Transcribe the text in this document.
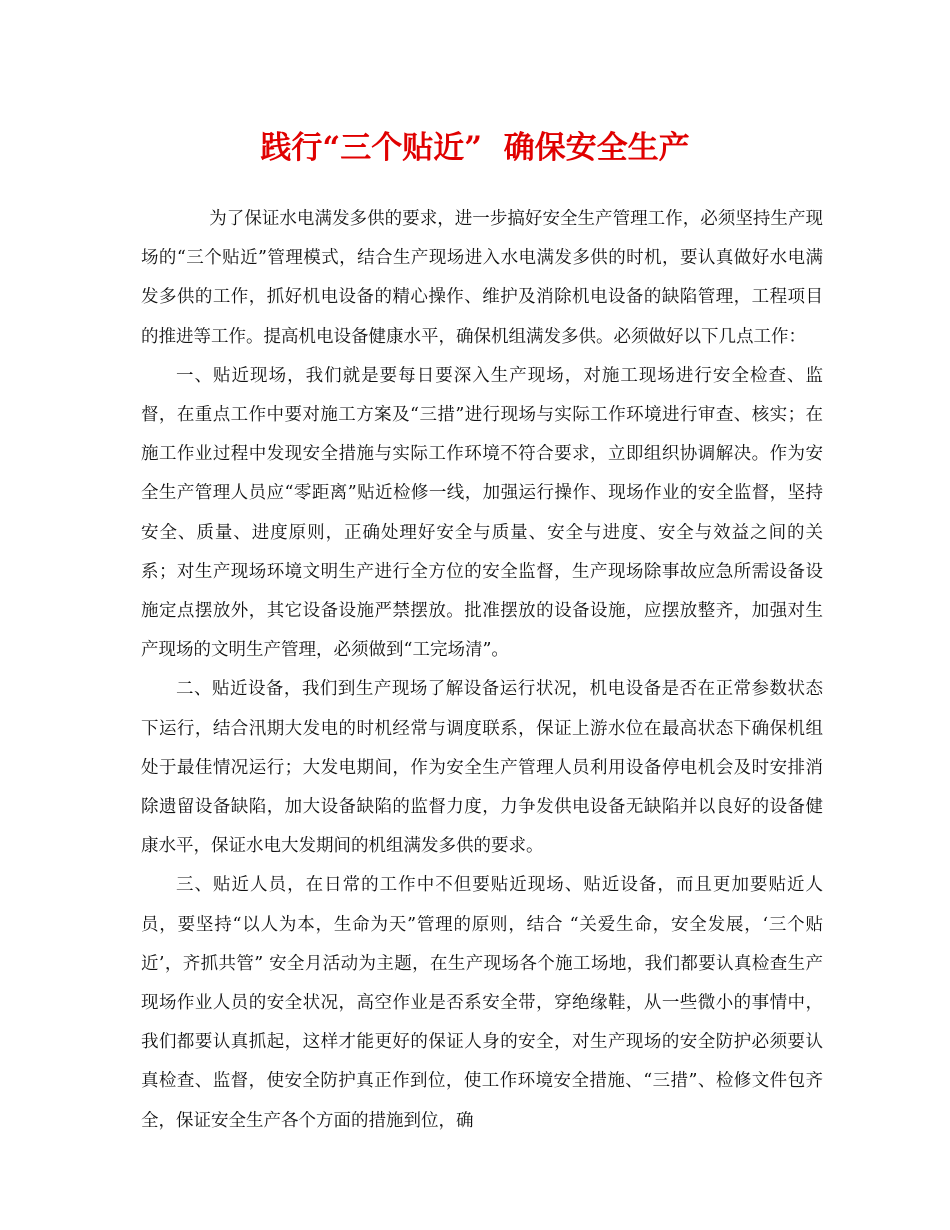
践行“三个贴近”  确保安全生产

为了保证水电满发多供的要求，进一步搞好安全生产管理工作，必须坚持生产现场的“三个贴近”管理模式，结合生产现场进入水电满发多供的时机，要认真做好水电满发多供的工作，抓好机电设备的精心操作、维护及消除机电设备的缺陷管理，工程项目的推进等工作。提高机电设备健康水平，确保机组满发多供。必须做好以下几点工作：

一、贴近现场，我们就是要每日要深入生产现场，对施工现场进行安全检查、监督，在重点工作中要对施工方案及“三措”进行现场与实际工作环境进行审查、核实；在施工作业过程中发现安全措施与实际工作环境不符合要求，立即组织协调解决。作为安全生产管理人员应“零距离”贴近检修一线，加强运行操作、现场作业的安全监督，坚持安全、质量、进度原则，正确处理好安全与质量、安全与进度、安全与效益之间的关系；对生产现场环境文明生产进行全方位的安全监督，生产现场除事故应急所需设备设施定点摆放外，其它设备设施严禁摆放。批准摆放的设备设施，应摆放整齐，加强对生产现场的文明生产管理，必须做到“工完场清”。

二、贴近设备，我们到生产现场了解设备运行状况，机电设备是否在正常参数状态下运行，结合汛期大发电的时机经常与调度联系，保证上游水位在最高状态下确保机组处于最佳情况运行；大发电期间，作为安全生产管理人员利用设备停电机会及时安排消除遗留设备缺陷，加大设备缺陷的监督力度，力争发供电设备无缺陷并以良好的设备健康水平，保证水电大发期间的机组满发多供的要求。

三、贴近人员，在日常的工作中不但要贴近现场、贴近设备，而且更加要贴近人员，要坚持“以人为本，生命为天”管理的原则，结合 “关爱生命，安全发展，‘三个贴近’，齐抓共管” 安全月活动为主题，在生产现场各个施工场地，我们都要认真检查生产现场作业人员的安全状况，高空作业是否系安全带，穿绝缘鞋，从一些微小的事情中，我们都要认真抓起，这样才能更好的保证人身的安全，对生产现场的安全防护必须要认真检查、监督，使安全防护真正作到位，使工作环境安全措施、“三措”、检修文件包齐全，保证安全生产各个方面的措施到位，确
